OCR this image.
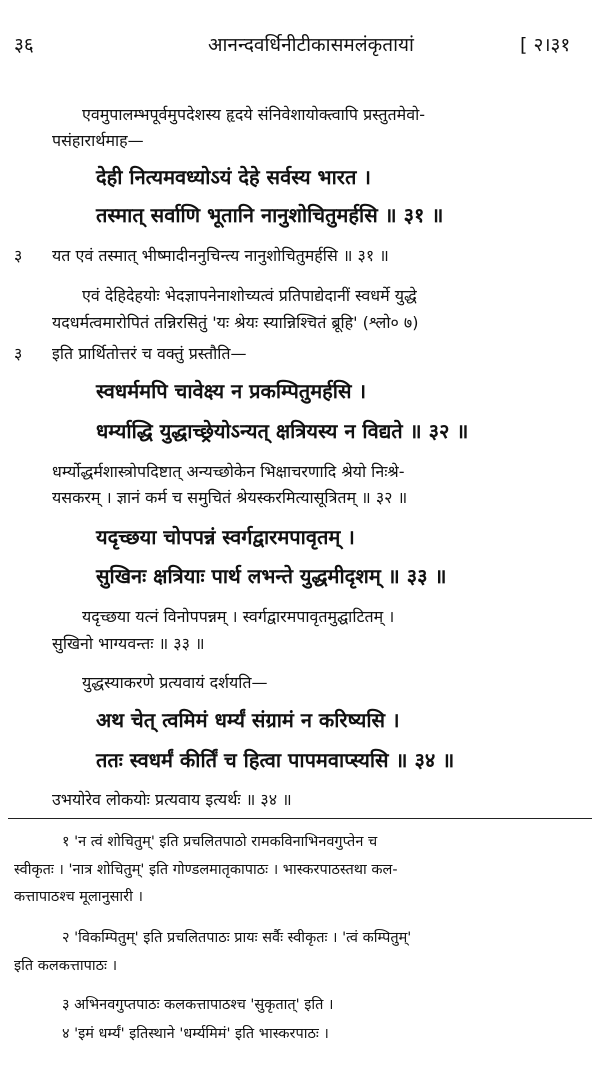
३६	आनन्दवर्धिनीटीकासमलंकृतायां	[ २।३१
एवमुपालम्भपूर्वमुपदेशस्य हृदये संनिवेशायोक्त्वापि प्रस्तुतमेवो-
पसंहारार्थमाह—
देही नित्यमवध्योऽयं देहे सर्वस्य भारत ।
तस्मात् सर्वाणि भूतानि नानुशोचितुमर्हसि ॥ ३१ ॥
३ यत एवं तस्मात् भीष्मादीननुचिन्त्य नानुशोचितुमर्हसि ॥ ३१ ॥
एवं देहिदेहयोः भेदज्ञापनेनाशोच्यत्वं प्रतिपाद्येदानीं स्वधर्मे युद्धे
यदधर्मत्वमारोपितं तन्निरसितुं 'यः श्रेयः स्यान्निश्चितं ब्रूहि' (श्लो० ७)
३ इति प्रार्थितोत्तरं च वक्तुं प्रस्तौति—
स्वधर्ममपि चावेक्ष्य न प्रकम्पितुमर्हसि ।
धर्म्याद्धि युद्धाच्छ्रेयोऽन्यत् क्षत्रियस्य न विद्यते ॥ ३२ ॥
धर्म्योद्धर्मशास्त्रोपदिष्टात् अन्यच्छोकेन भिक्षाचरणादि श्रेयो निःश्रे-
यसकरम् । ज्ञानं कर्म च समुचितं श्रेयस्करमित्यासूत्रितम् ॥ ३२ ॥
यदृच्छया चोपपन्नं स्वर्गद्वारमपावृतम् ।
सुखिनः क्षत्रियाः पार्थ लभन्ते युद्धमीदृशम् ॥ ३३ ॥
यदृच्छया यत्नं विनोपपन्नम् । स्वर्गद्वारमपावृतमुद्घाटितम् ।
सुखिनो भाग्यवन्तः ॥ ३३ ॥
युद्धस्याकरणे प्रत्यवायं दर्शयति—
अथ चेत् त्वमिमं धर्म्यं संग्रामं न करिष्यसि ।
ततः स्वधर्मं कीर्तिं च हित्वा पापमवाप्स्यसि ॥ ३४ ॥
उभयोरेव लोकयोः प्रत्यवाय इत्यर्थः ॥ ३४ ॥
१ 'न त्वं शोचितुम्' इति प्रचलितपाठो रामकविनाभिनवगुप्तेन च
स्वीकृतः । 'नात्र शोचितुम्' इति गोण्डलमातृकापाठः । भास्करपाठस्तथा कल-
कत्तापाठश्च मूलानुसारी ।
२ 'विकम्पितुम्' इति प्रचलितपाठः प्रायः सर्वैः स्वीकृतः । 'त्वं कम्पितुम्'
इति कलकत्तापाठः ।
३ अभिनवगुप्तपाठः कलकत्तापाठश्च 'सुकृतात्' इति ।
४ 'इमं धर्म्यं' इतिस्थाने 'धर्म्यमिमं' इति भास्करपाठः ।
